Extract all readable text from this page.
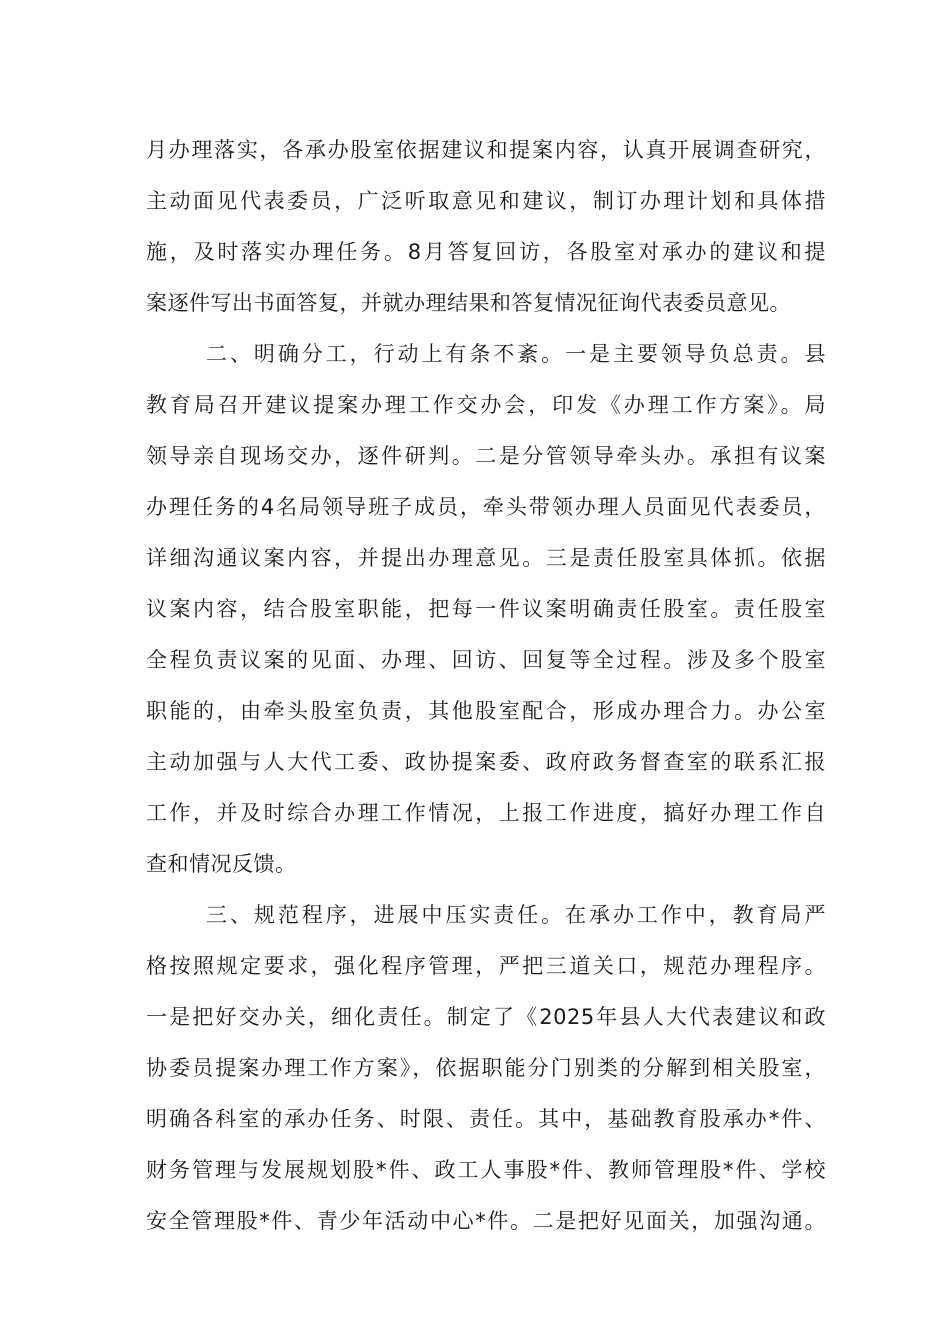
月办理落实，各承办股室依据建议和提案内容，认真开展调查研究，
主动面见代表委员，广泛听取意见和建议，制订办理计划和具体措
施，及时落实办理任务。8月答复回访，各股室对承办的建议和提
案逐件写出书面答复，并就办理结果和答复情况征询代表委员意见。
二、明确分工，行动上有条不紊。一是主要领导负总责。县
教育局召开建议提案办理工作交办会，印发《办理工作方案》。局
领导亲自现场交办，逐件研判。二是分管领导牵头办。承担有议案
办理任务的4名局领导班子成员，牵头带领办理人员面见代表委员，
详细沟通议案内容，并提出办理意见。三是责任股室具体抓。依据
议案内容，结合股室职能，把每一件议案明确责任股室。责任股室
全程负责议案的见面、办理、回访、回复等全过程。涉及多个股室
职能的，由牵头股室负责，其他股室配合，形成办理合力。办公室
主动加强与人大代工委、政协提案委、政府政务督查室的联系汇报
工作，并及时综合办理工作情况，上报工作进度，搞好办理工作自
查和情况反馈。
三、规范程序，进展中压实责任。在承办工作中，教育局严
格按照规定要求，强化程序管理，严把三道关口，规范办理程序。
一是把好交办关，细化责任。制定了《2025年县人大代表建议和政
协委员提案办理工作方案》，依据职能分门别类的分解到相关股室，
明确各科室的承办任务、时限、责任。其中，基础教育股承办*件、
财务管理与发展规划股*件、政工人事股*件、教师管理股*件、学校
安全管理股*件、青少年活动中心*件。二是把好见面关，加强沟通。
